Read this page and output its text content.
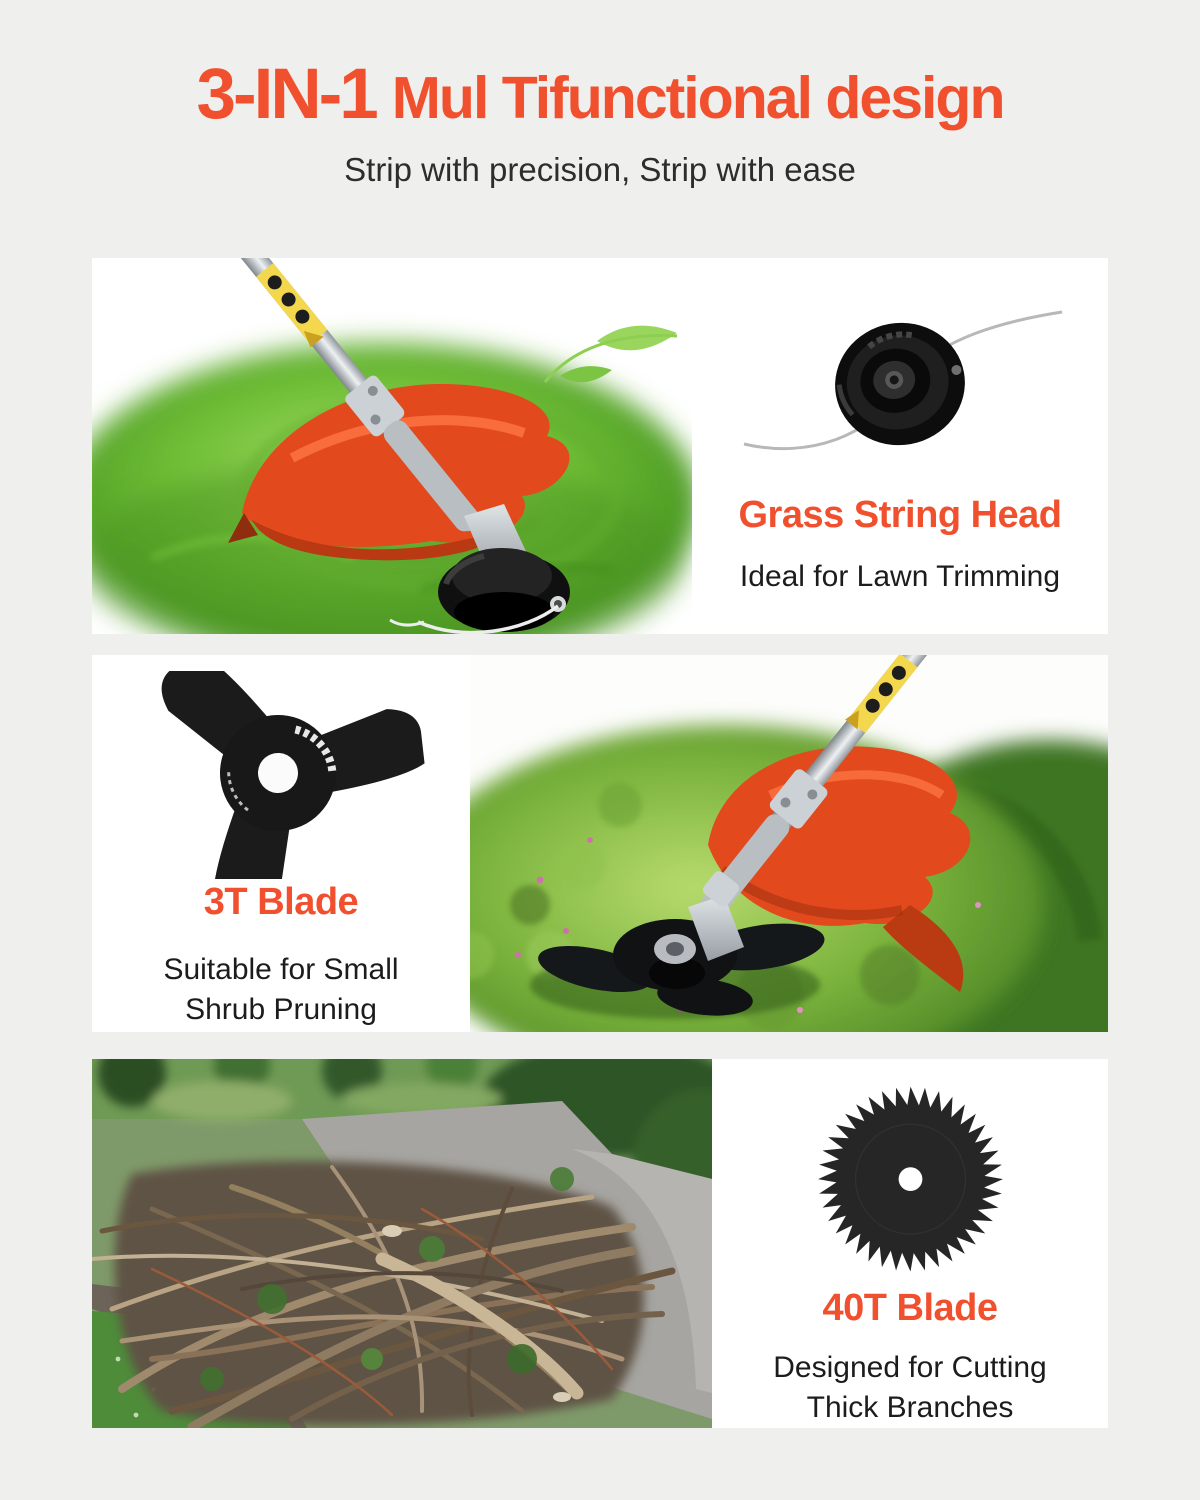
3-IN-1 Mul Tifunctional design

Strip with precision, Strip with ease

Grass String Head

Ideal for Lawn Trimming

3T Blade

Suitable for Small
Shrub Pruning

40T Blade

Designed for Cutting
Thick Branches
